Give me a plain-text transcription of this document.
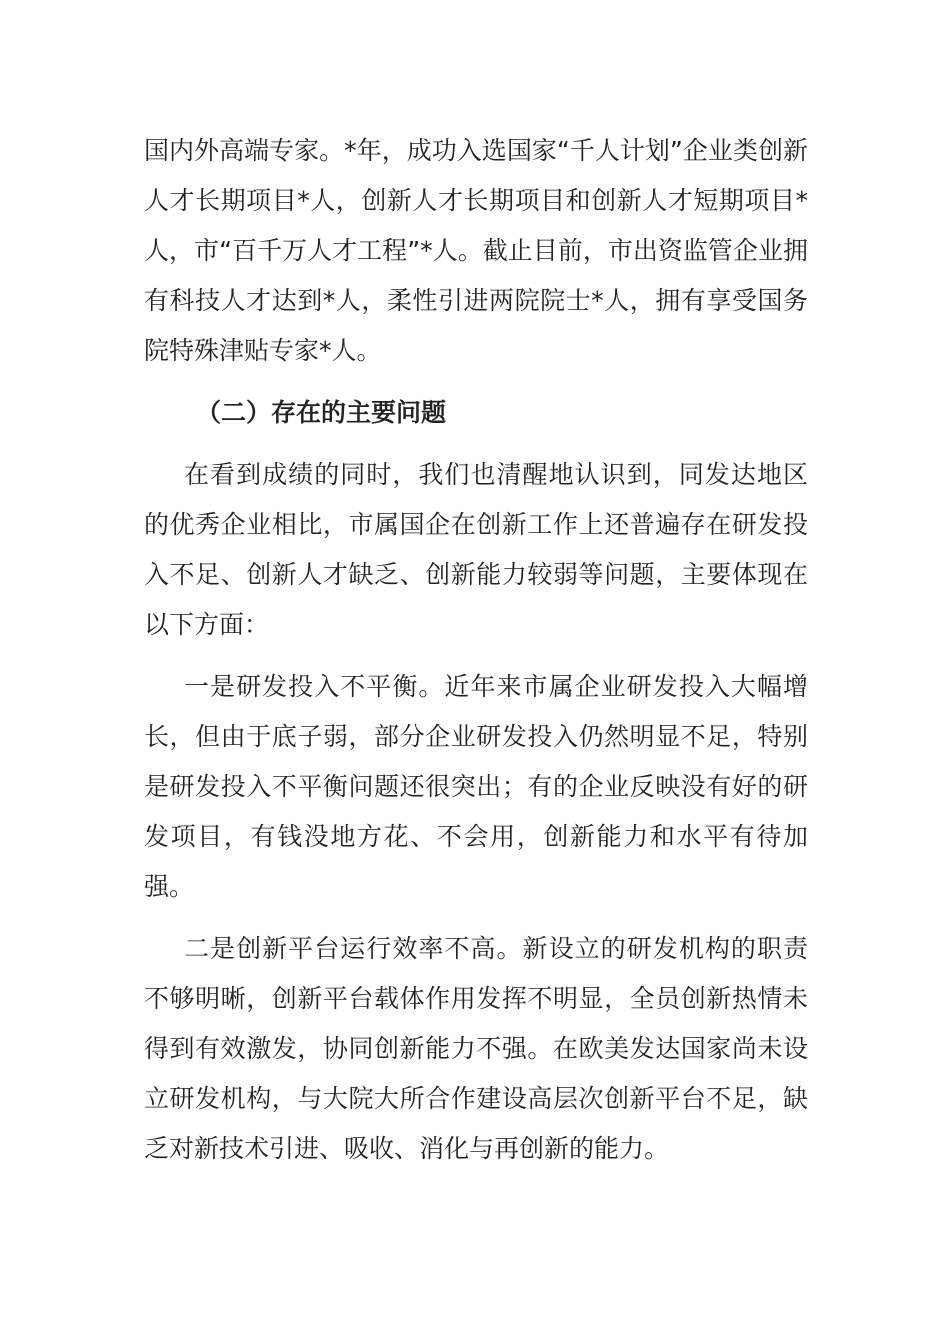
国内外高端专家。*年，成功入选国家“千人计划”企业类创新人才长期项目*人，创新人才长期项目和创新人才短期项目*人，市“百千万人才工程”*人。截止目前，市出资监管企业拥有科技人才达到*人，柔性引进两院院士*人，拥有享受国务院特殊津贴专家*人。

（二）存在的主要问题

在看到成绩的同时，我们也清醒地认识到，同发达地区的优秀企业相比，市属国企在创新工作上还普遍存在研发投入不足、创新人才缺乏、创新能力较弱等问题，主要体现在以下方面：

一是研发投入不平衡。近年来市属企业研发投入大幅增长，但由于底子弱，部分企业研发投入仍然明显不足，特别是研发投入不平衡问题还很突出；有的企业反映没有好的研发项目，有钱没地方花、不会用，创新能力和水平有待加强。

二是创新平台运行效率不高。新设立的研发机构的职责不够明晰，创新平台载体作用发挥不明显，全员创新热情未得到有效激发，协同创新能力不强。在欧美发达国家尚未设立研发机构，与大院大所合作建设高层次创新平台不足，缺乏对新技术引进、吸收、消化与再创新的能力。
